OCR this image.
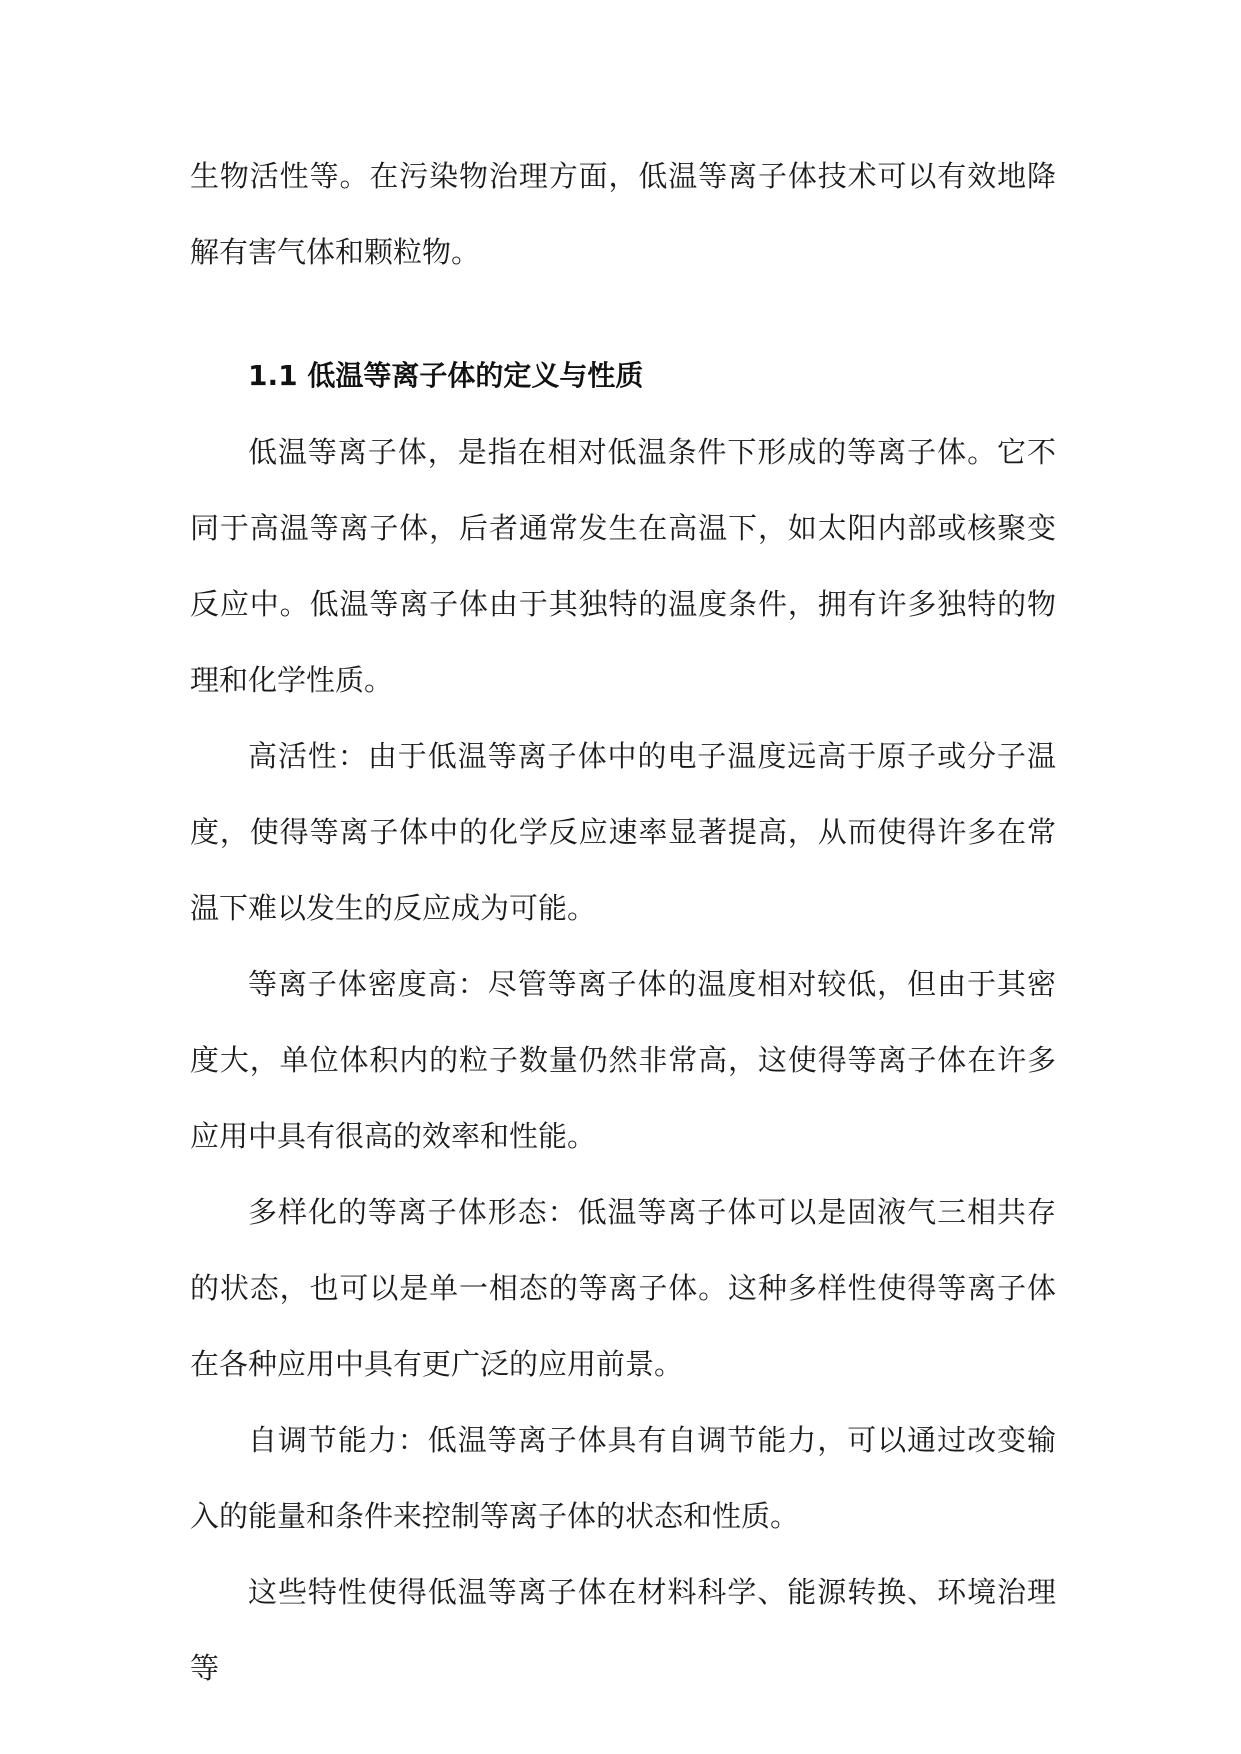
生物活性等。在污染物治理方面，低温等离子体技术可以有效地降解有害气体和颗粒物。

1.1 低温等离子体的定义与性质

低温等离子体，是指在相对低温条件下形成的等离子体。它不同于高温等离子体，后者通常发生在高温下，如太阳内部或核聚变反应中。低温等离子体由于其独特的温度条件，拥有许多独特的物理和化学性质。

高活性：由于低温等离子体中的电子温度远高于原子或分子温度，使得等离子体中的化学反应速率显著提高，从而使得许多在常温下难以发生的反应成为可能。

等离子体密度高：尽管等离子体的温度相对较低，但由于其密度大，单位体积内的粒子数量仍然非常高，这使得等离子体在许多应用中具有很高的效率和性能。

多样化的等离子体形态：低温等离子体可以是固液气三相共存的状态，也可以是单一相态的等离子体。这种多样性使得等离子体在各种应用中具有更广泛的应用前景。

自调节能力：低温等离子体具有自调节能力，可以通过改变输入的能量和条件来控制等离子体的状态和性质。

这些特性使得低温等离子体在材料科学、能源转换、环境治理等
